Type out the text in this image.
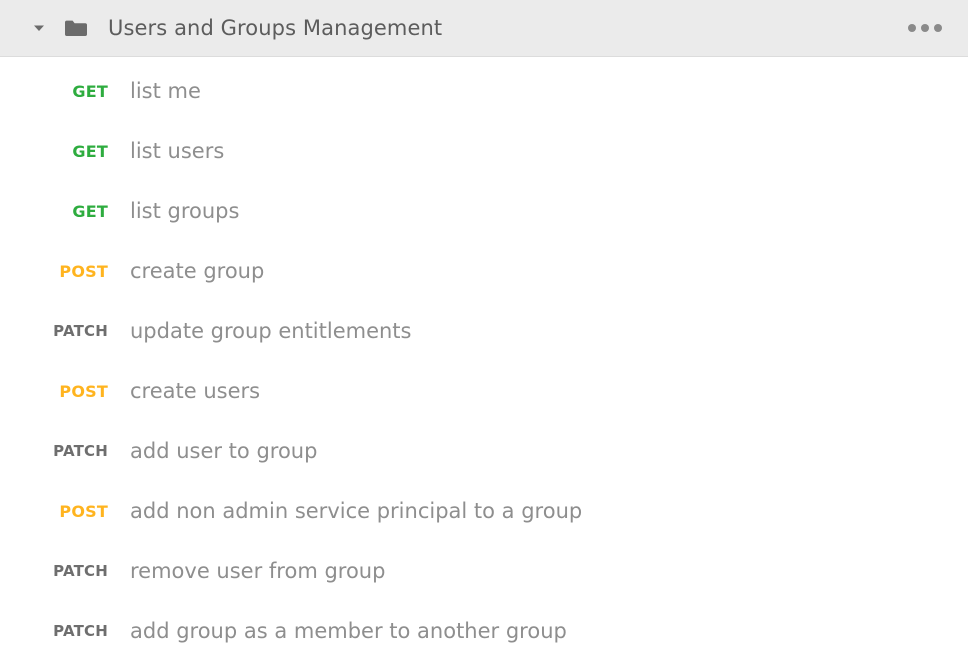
Users and Groups Management
GET list me
GET list users
GET list groups
POST create group
PATCH update group entitlements
POST create users
PATCH add user to group
POST add non admin service principal to a group
PATCH remove user from group
PATCH add group as a member to another group
